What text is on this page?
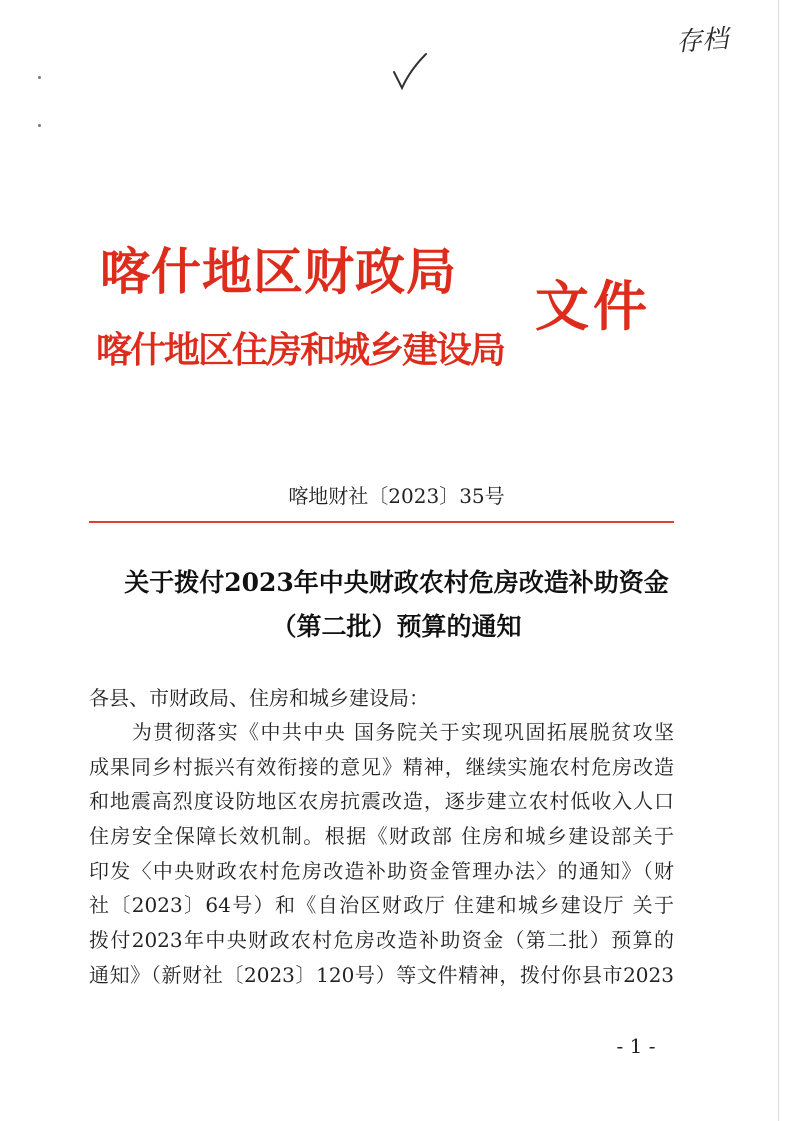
存档
喀什地区财政局
喀什地区住房和城乡建设局
文件
喀地财社〔2023〕35号
关于拨付2023年中央财政农村危房改造补助资金
（第二批）预算的通知
各县、市财政局、住房和城乡建设局：
　　为贯彻落实《中共中央 国务院关于实现巩固拓展脱贫攻坚
成果同乡村振兴有效衔接的意见》精神，继续实施农村危房改造
和地震高烈度设防地区农房抗震改造，逐步建立农村低收入人口
住房安全保障长效机制。根据《财政部 住房和城乡建设部关于
印发〈中央财政农村危房改造补助资金管理办法〉的通知》（财
社〔2023〕64号）和《自治区财政厅 住建和城乡建设厅 关于
拨付2023年中央财政农村危房改造补助资金（第二批）预算的
通知》（新财社〔2023〕120号）等文件精神，拨付你县市2023
- 1 -
